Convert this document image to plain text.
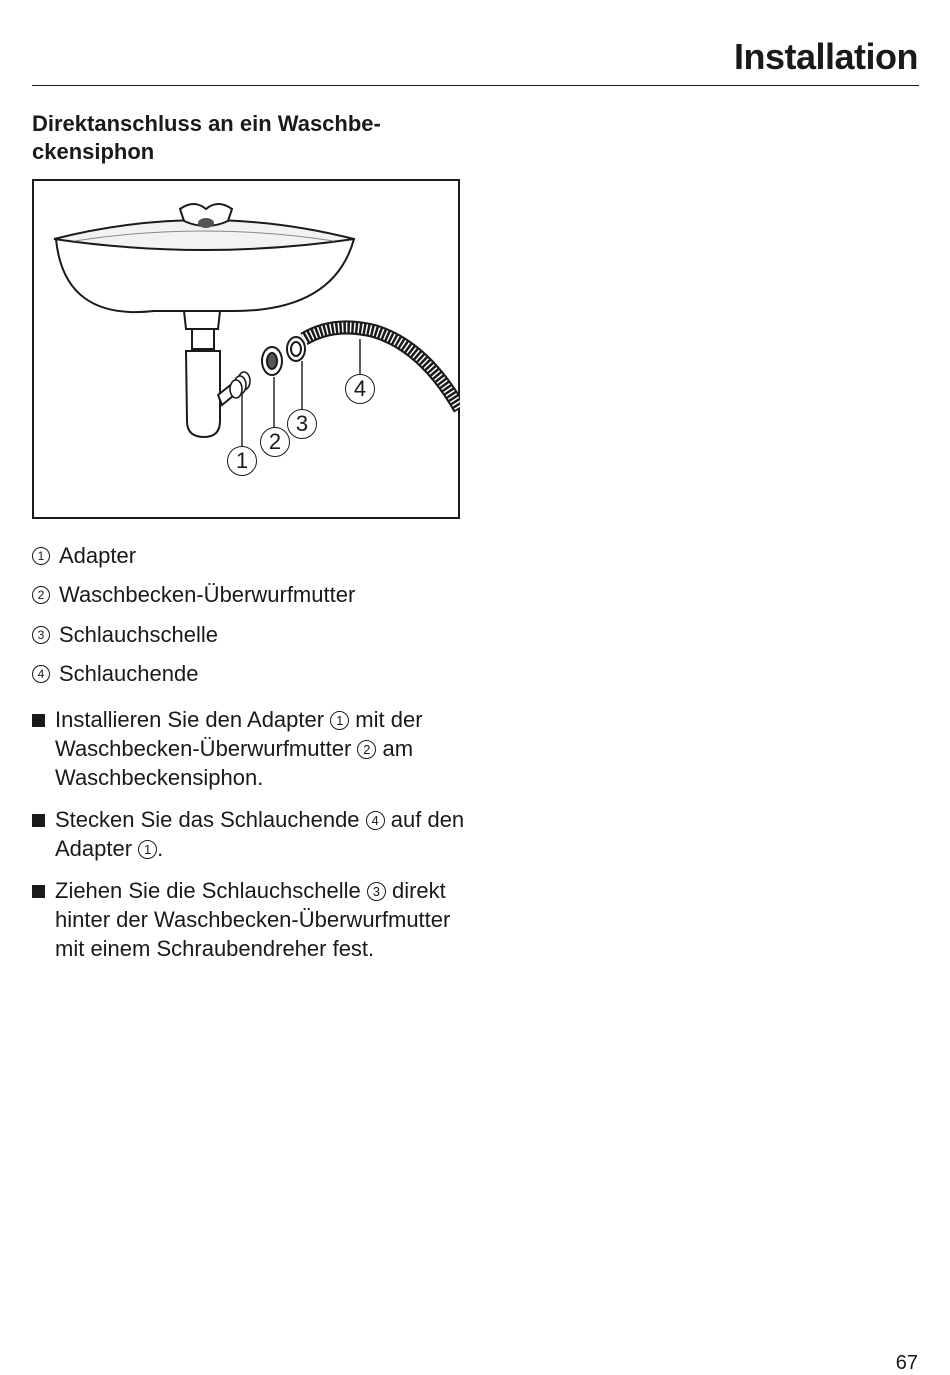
Installation
Direktanschluss an ein Waschbe-
ckensiphon
1
2
3
4
1 Adapter
2 Waschbecken-Überwurfmutter
3 Schlauchschelle
4 Schlauchende
Installieren Sie den Adapter 1 mit der Waschbecken-Überwurfmutter 2 am Waschbeckensiphon.
Stecken Sie das Schlauchende 4 auf den Adapter 1 .
Ziehen Sie die Schlauchschelle 3 direkt hinter der Waschbecken-Überwurfmutter mit einem Schraubendreher fest.
67
